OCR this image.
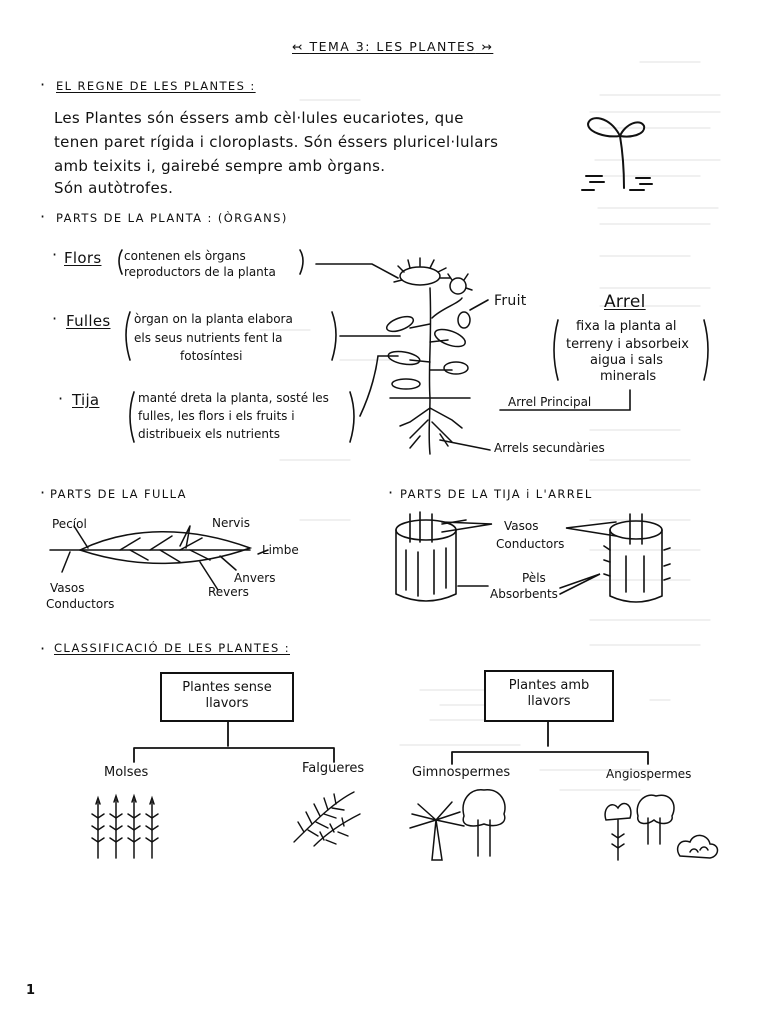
↢ TEMA 3: LES PLANTES ↣
EL REGNE DE LES PLANTES :
·
Les Plantes són éssers amb cèl·lules eucariotes, que
tenen paret rígida i cloroplasts. Són éssers pluricel·lulars
amb teixits i, gairebé sempre amb òrgans.
Són autòtrofes.
· PARTS DE LA PLANTA : (ÒRGANS)
· Flors contenen els òrgans
reproductors de la planta
· Fulles òrgan on la planta elabora
els seus nutrients fent la
fotosíntesi
· Tija	manté dreta la planta, sosté les
fulles, les flors i els fruits i
distribueix els nutrients
Fruit	Arrel
fixa la planta al
terreny i absorbeix
aigua i sals
minerals
Arrel Principal
Arrels secundàries
· PARTS DE LA FULLA
Pecíol	Nervis
Limbe
Anvers
Revers
Vasos
Conductors
· PARTS DE LA TIJA i L'ARREL
Vasos
Conductors
Pèls
Absorbents
· CLASSIFICACIÓ DE LES PLANTES :
Plantes sense
llavors
Plantes amb
llavors
Molses	Falgueres	Gimnospermes	Angiospermes
1
